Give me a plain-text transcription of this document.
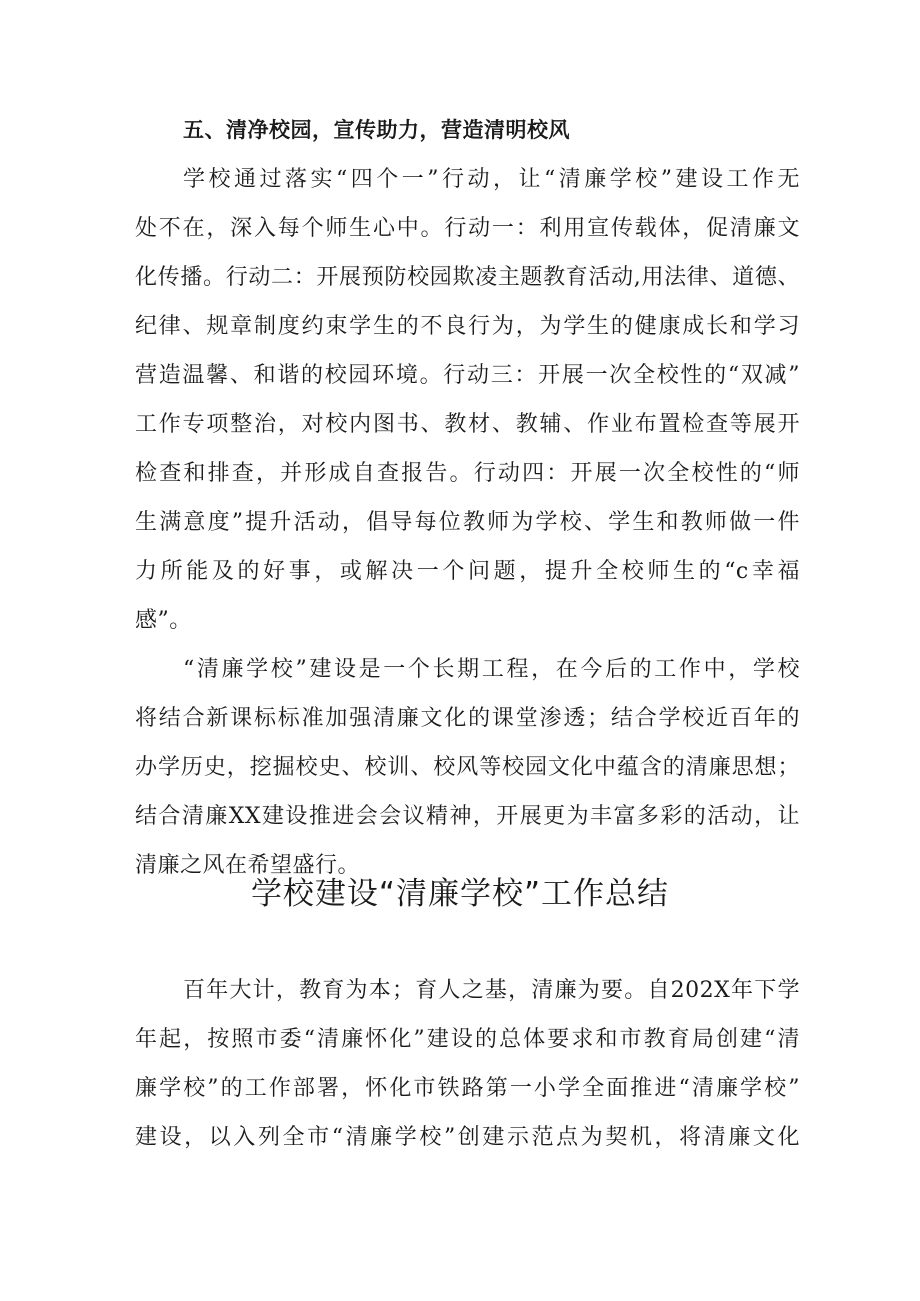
五、清净校园，宣传助力，营造清明校风
学校通过落实“四个一”行动，让“清廉学校”建设工作无
处不在，深入每个师生心中。行动一：利用宣传载体，促清廉文
化传播。行动二：开展预防校园欺凌主题教育活动,用法律、道德、
纪律、规章制度约束学生的不良行为，为学生的健康成长和学习
营造温馨、和谐的校园环境。行动三：开展一次全校性的“双减”
工作专项整治，对校内图书、教材、教辅、作业布置检查等展开
检查和排查，并形成自查报告。行动四：开展一次全校性的“师
生满意度”提升活动，倡导每位教师为学校、学生和教师做一件
力所能及的好事，或解决一个问题，提升全校师生的“c幸福
感”。
“清廉学校”建设是一个长期工程，在今后的工作中，学校
将结合新课标标准加强清廉文化的课堂渗透；结合学校近百年的
办学历史，挖掘校史、校训、校风等校园文化中蕴含的清廉思想；
结合清廉XX建设推进会会议精神，开展更为丰富多彩的活动，让
清廉之风在希望盛行。
学校建设“清廉学校”工作总结
百年大计，教育为本；育人之基，清廉为要。自202X年下学
年起，按照市委“清廉怀化”建设的总体要求和市教育局创建“清
廉学校”的工作部署，怀化市铁路第一小学全面推进“清廉学校”
建设，以入列全市“清廉学校”创建示范点为契机，将清廉文化
